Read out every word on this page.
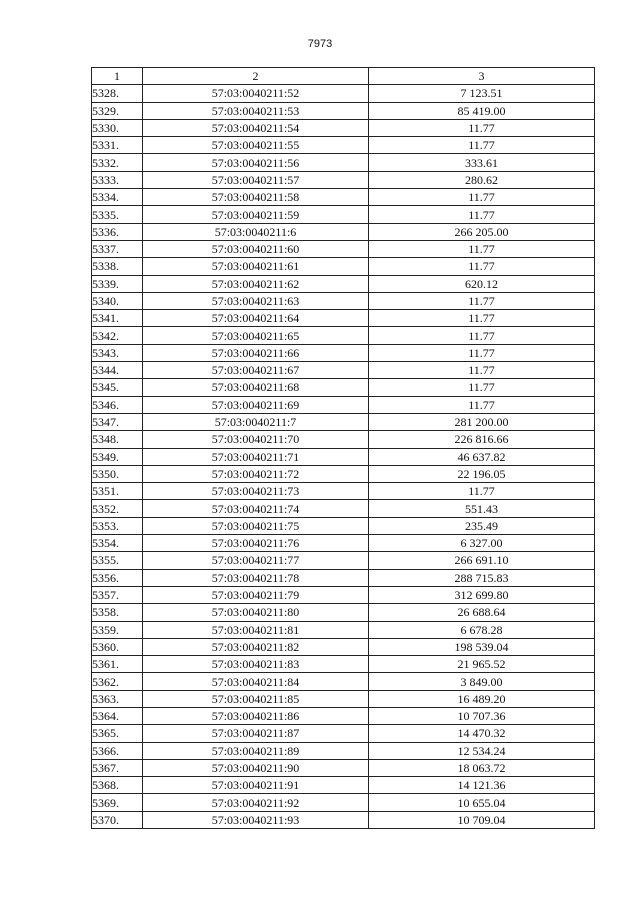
7973
1	2	3
5328.	57:03:0040211:52	7 123.51
5329.	57:03:0040211:53	85 419.00
5330.	57:03:0040211:54	11.77
5331.	57:03:0040211:55	11.77
5332.	57:03:0040211:56	333.61
5333.	57:03:0040211:57	280.62
5334.	57:03:0040211:58	11.77
5335.	57:03:0040211:59	11.77
5336.	57:03:0040211:6	266 205.00
5337.	57:03:0040211:60	11.77
5338.	57:03:0040211:61	11.77
5339.	57:03:0040211:62	620.12
5340.	57:03:0040211:63	11.77
5341.	57:03:0040211:64	11.77
5342.	57:03:0040211:65	11.77
5343.	57:03:0040211:66	11.77
5344.	57:03:0040211:67	11.77
5345.	57:03:0040211:68	11.77
5346.	57:03:0040211:69	11.77
5347.	57:03:0040211:7	281 200.00
5348.	57:03:0040211:70	226 816.66
5349.	57:03:0040211:71	46 637.82
5350.	57:03:0040211:72	22 196.05
5351.	57:03:0040211:73	11.77
5352.	57:03:0040211:74	551.43
5353.	57:03:0040211:75	235.49
5354.	57:03:0040211:76	6 327.00
5355.	57:03:0040211:77	266 691.10
5356.	57:03:0040211:78	288 715.83
5357.	57:03:0040211:79	312 699.80
5358.	57:03:0040211:80	26 688.64
5359.	57:03:0040211:81	6 678.28
5360.	57:03:0040211:82	198 539.04
5361.	57:03:0040211:83	21 965.52
5362.	57:03:0040211:84	3 849.00
5363.	57:03:0040211:85	16 489.20
5364.	57:03:0040211:86	10 707.36
5365.	57:03:0040211:87	14 470.32
5366.	57:03:0040211:89	12 534.24
5367.	57:03:0040211:90	18 063.72
5368.	57:03:0040211:91	14 121.36
5369.	57:03:0040211:92	10 655.04
5370.	57:03:0040211:93	10 709.04
